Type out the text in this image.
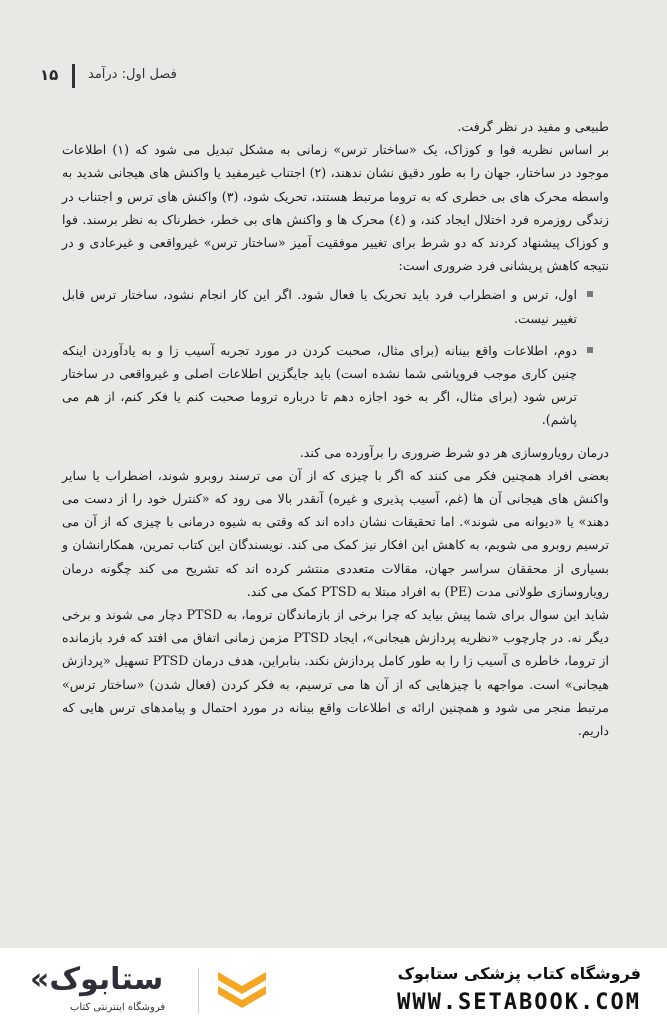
۱۵ فصل اول: درآمد

طبیعی و مفید در نظر گرفت.

بر اساس نظریه فوا و کوزاک، یک «ساختار ترس» زمانی به مشکل تبدیل می شود که (۱) اطلاعات موجود در ساختار، جهان را به طور دقیق نشان ندهند، (۲) اجتناب غیرمفید یا واکنش های هیجانی شدید به واسطه محرک های بی خطری که به تروما مرتبط هستند، تحریک شود، (۳) واکنش های ترس و اجتناب در زندگی روزمره فرد اختلال ایجاد کند، و (٤) محرک ها و واکنش های بی خطر، خطرناک به نظر برسند. فوا و کوزاک پیشنهاد کردند که دو شرط برای تغییر موفقیت آمیز «ساختار ترس» غیرواقعی و غیرعادی و در نتیجه کاهش پریشانی فرد ضروری است:

اول، ترس و اضطراب فرد باید تحریک یا فعال شود. اگر این کار انجام نشود، ساختار ترس قابل تغییر نیست.
دوم، اطلاعات واقع بینانه (برای مثال، صحبت کردن در مورد تجربه آسیب زا و به یادآوردن اینکه چنین کاری موجب فروپاشی شما نشده است) باید جایگزین اطلاعات اصلی و غیرواقعی در ساختار ترس شود (برای مثال، اگر به خود اجازه دهم تا درباره تروما صحبت کنم یا فکر کنم، از هم می پاشم).

درمان رویاروسازی هر دو شرط ضروری را برآورده می کند.

بعضی افراد همچنین فکر می کنند که اگر با چیزی که از آن می ترسند روبرو شوند، اضطراب یا سایر واکنش های هیجانی آن ها (غم، آسیب پذیری و غیره) آنقدر بالا می رود که «کنترل خود را از دست می دهند» یا «دیوانه می شوند». اما تحقیقات نشان داده اند که وقتی به شیوه درمانی با چیزی که از آن می ترسیم روبرو می شویم، به کاهش این افکار نیز کمک می کند. نویسندگان این کتاب تمرین، همکارانشان و بسیاری از محققان سراسر جهان، مقالات متعددی منتشر کرده اند که تشریح می کند چگونه درمان رویاروسازی طولانی مدت (PE) به افراد مبتلا به PTSD کمک می کند.

شاید این سوال برای شما پیش بیاید که چرا برخی از بازماندگان تروما، به PTSD دچار می شوند و برخی دیگر نه. در چارچوب «نظریه پردازش هیجانی»، ایجاد PTSD مزمن زمانی اتفاق می افتد که فرد بازمانده از تروما، خاطره ی آسیب زا را به طور کامل پردازش نکند. بنابراین، هدف درمان PTSD تسهیل «پردازش هیجانی» است. مواجهه با چیزهایی که از آن ها می ترسیم، به فکر کردن (فعال شدن) «ساختار ترس» مرتبط منجر می شود و همچنین ارائه ی اطلاعات واقع بینانه در مورد احتمال و پیامدهای ترس هایی که داریم.

«ستابوک
فروشگاه اینترنتی کتاب
فروشگاه کتاب پزشکی ستابوک
WWW.SETABOOK.COM
